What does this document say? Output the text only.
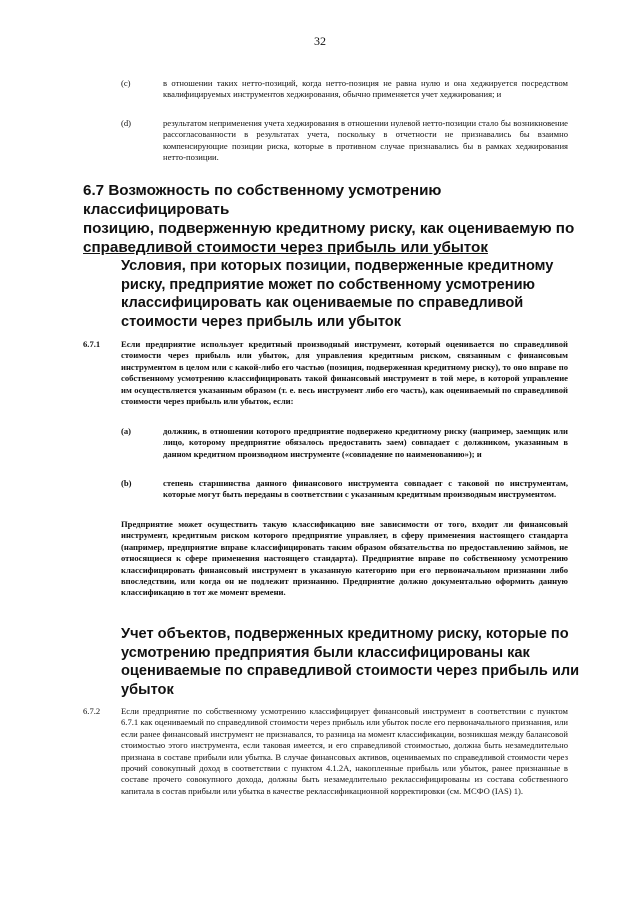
32
(c)	в отношении таких нетто-позиций, когда нетто-позиция не равна нулю и она хеджируется посредством квалифицируемых инструментов хеджирования, обычно применяется учет хеджирования; и
(d)	результатом неприменения учета хеджирования в отношении нулевой нетто-позиции стало бы возникновение рассогласованности в результатах учета, поскольку в отчетности не признавались бы взаимно компенсирующие позиции риска, которые в противном случае признавались бы в рамках хеджирования нетто-позиции.
6.7 Возможность по собственному усмотрению классифицировать
позицию, подверженную кредитному риску, как оцениваемую по
справедливой стоимости через прибыль или убыток
Условия, при которых позиции, подверженные кредитному риску, предприятие может по собственному усмотрению классифицировать как оцениваемые по справедливой стоимости через прибыль или убыток
6.7.1 Если предприятие использует кредитный производный инструмент, который оценивается по справедливой стоимости через прибыль или убыток, для управления кредитным риском, связанным с финансовым инструментом в целом или с какой-либо его частью (позиция, подверженная кредитному риску), то оно вправе по собственному усмотрению классифицировать такой финансовый инструмент в той мере, в которой управление им осуществляется указанным образом (т. е. весь инструмент либо его часть), как оцениваемый по справедливой стоимости через прибыль или убыток, если:

(a)	должник, в отношении которого предприятие подвержено кредитному риску (например, заемщик или лицо, которому предприятие обязалось предоставить заем) совпадает с должником, указанным в данном кредитном производном инструменте («совпадение по наименованию»); и
(b)	степень старшинства данного финансового инструмента совпадает с таковой по инструментам, которые могут быть переданы в соответствии с указанным кредитным производным инструментом.

Предприятие может осуществить такую классификацию вне зависимости от того, входит ли финансовый инструмент, кредитным риском которого предприятие управляет, в сферу применения настоящего стандарта (например, предприятие вправе классифицировать таким образом обязательства по предоставлению займов, не относящиеся к сфере применения настоящего стандарта). Предприятие вправе по собственному усмотрению классифицировать финансовый инструмент в указанную категорию при его первоначальном признании либо впоследствии, или когда он не подлежит признанию. Предприятие должно документально оформить данную классификацию в тот же момент времени.

Учет объектов, подверженных кредитному риску, которые по усмотрению предприятия были классифицированы как оцениваемые по справедливой стоимости через прибыль или убыток
6.7.2 Если предприятие по собственному усмотрению классифицирует финансовый инструмент в соответствии с пунктом 6.7.1 как оцениваемый по справедливой стоимости через прибыль или убыток после его первоначального признания, или если ранее финансовый инструмент не признавался, то разница на момент классификации, возникшая между балансовой стоимостью этого инструмента, если таковая имеется, и его справедливой стоимостью, должна быть незамедлительно признана в составе прибыли или убытка. В случае финансовых активов, оцениваемых по справедливой стоимости через прочий совокупный доход в соответствии с пунктом 4.1.2A, накопленные прибыль или убыток, ранее признанные в составе прочего совокупного дохода, должны быть незамедлительно реклассифицированы из состава собственного капитала в состав прибыли или убытка в качестве реклассификационной корректировки (см. МСФО (IAS) 1).
